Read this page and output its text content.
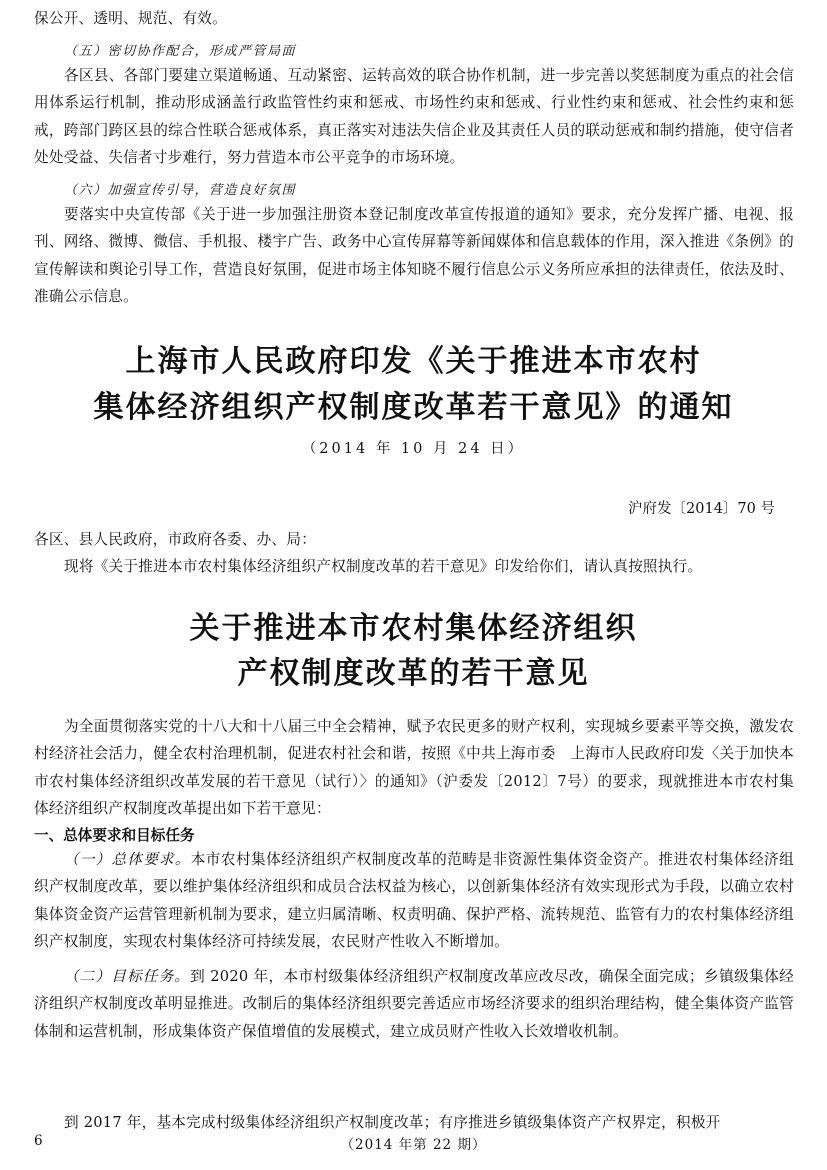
保公开、透明、规范、有效。
（五）密切协作配合，形成严管局面
各区县、各部门要建立渠道畅通、互动紧密、运转高效的联合协作机制，进一步完善以奖惩制度为重点的社会信用体系运行机制，推动形成涵盖行政监管性约束和惩戒、市场性约束和惩戒、行业性约束和惩戒、社会性约束和惩戒，跨部门跨区县的综合性联合惩戒体系，真正落实对违法失信企业及其责任人员的联动惩戒和制约措施，使守信者处处受益、失信者寸步难行，努力营造本市公平竞争的市场环境。
（六）加强宣传引导，营造良好氛围
要落实中央宣传部《关于进一步加强注册资本登记制度改革宣传报道的通知》要求，充分发挥广播、电视、报刊、网络、微博、微信、手机报、楼宇广告、政务中心宣传屏幕等新闻媒体和信息载体的作用，深入推进《条例》的宣传解读和舆论引导工作，营造良好氛围，促进市场主体知晓不履行信息公示义务所应承担的法律责任，依法及时、准确公示信息。
上海市人民政府印发《关于推进本市农村
集体经济组织产权制度改革若干意见》的通知
（2014 年 10 月 24 日）
沪府发〔2014〕70 号
各区、县人民政府，市政府各委、办、局：
现将《关于推进本市农村集体经济组织产权制度改革的若干意见》印发给你们，请认真按照执行。
关于推进本市农村集体经济组织
产权制度改革的若干意见
为全面贯彻落实党的十八大和十八届三中全会精神，赋予农民更多的财产权利，实现城乡要素平等交换，激发农村经济社会活力，健全农村治理机制，促进农村社会和谐，按照《中共上海市委　上海市人民政府印发〈关于加快本市农村集体经济组织改革发展的若干意见（试行）〉的通知》（沪委发〔2012〕7号）的要求，现就推进本市农村集体经济组织产权制度改革提出如下若干意见：
一、总体要求和目标任务
（一）总体要求。本市农村集体经济组织产权制度改革的范畴是非资源性集体资金资产。推进农村集体经济组织产权制度改革，要以维护集体经济组织和成员合法权益为核心，以创新集体经济有效实现形式为手段，以确立农村集体资金资产运营管理新机制为要求，建立归属清晰、权责明确、保护严格、流转规范、监管有力的农村集体经济组织产权制度，实现农村集体经济可持续发展，农民财产性收入不断增加。
（二）目标任务。到 2020 年，本市村级集体经济组织产权制度改革应改尽改，确保全面完成；乡镇级集体经济组织产权制度改革明显推进。改制后的集体经济组织要完善适应市场经济要求的组织治理结构，健全集体资产监管体制和运营机制，形成集体资产保值增值的发展模式，建立成员财产性收入长效增收机制。
到 2017 年，基本完成村级集体经济组织产权制度改革；有序推进乡镇级集体资产产权界定，积极开
6	（2014 年第 22 期）
